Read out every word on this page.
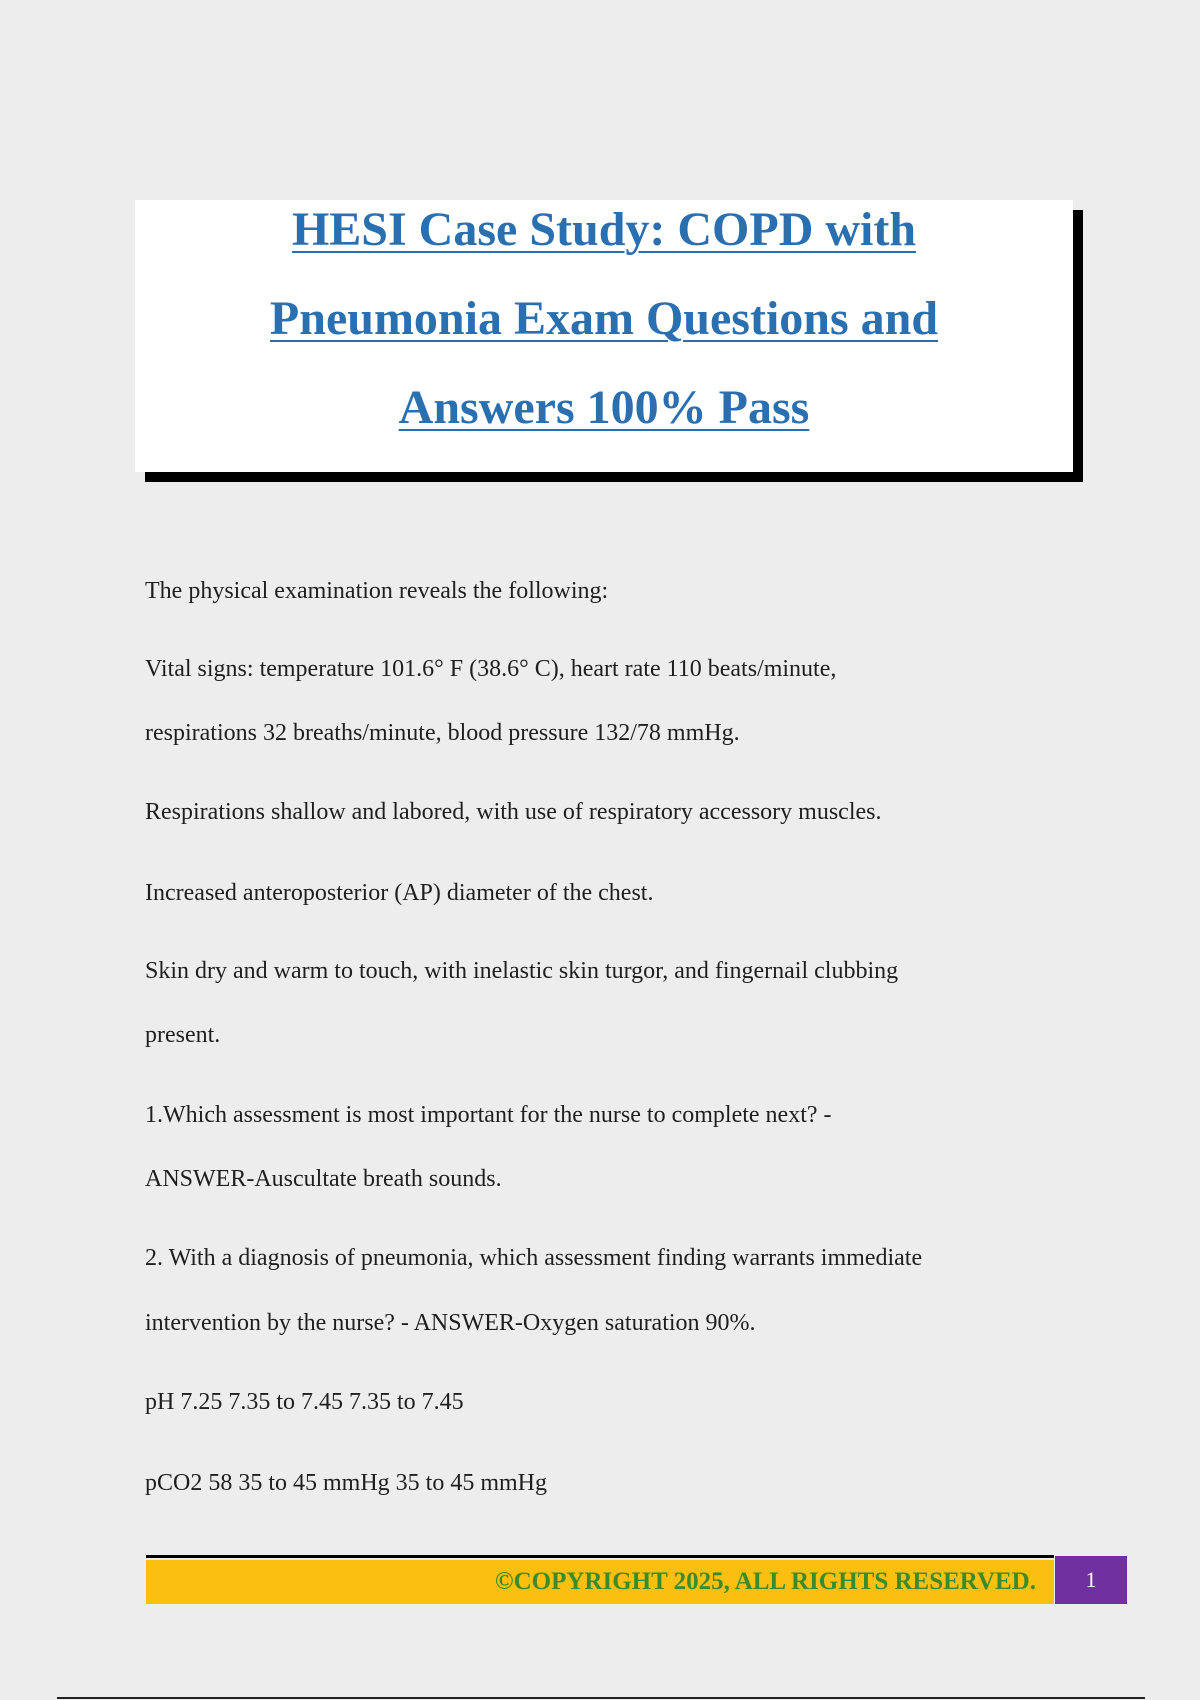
HESI Case Study: COPD with
Pneumonia Exam Questions and
Answers 100% Pass

The physical examination reveals the following:

Vital signs: temperature 101.6° F (38.6° C), heart rate 110 beats/minute,

respirations 32 breaths/minute, blood pressure 132/78 mmHg.

Respirations shallow and labored, with use of respiratory accessory muscles.

Increased anteroposterior (AP) diameter of the chest.

Skin dry and warm to touch, with inelastic skin turgor, and fingernail clubbing

present.

1.Which assessment is most important for the nurse to complete next? -

ANSWER-Auscultate breath sounds.

2. With a diagnosis of pneumonia, which assessment finding warrants immediate

intervention by the nurse? - ANSWER-Oxygen saturation 90%.

pH 7.25 7.35 to 7.45 7.35 to 7.45

pCO2 58 35 to 45 mmHg 35 to 45 mmHg

©COPYRIGHT 2025, ALL RIGHTS RESERVED.	1
